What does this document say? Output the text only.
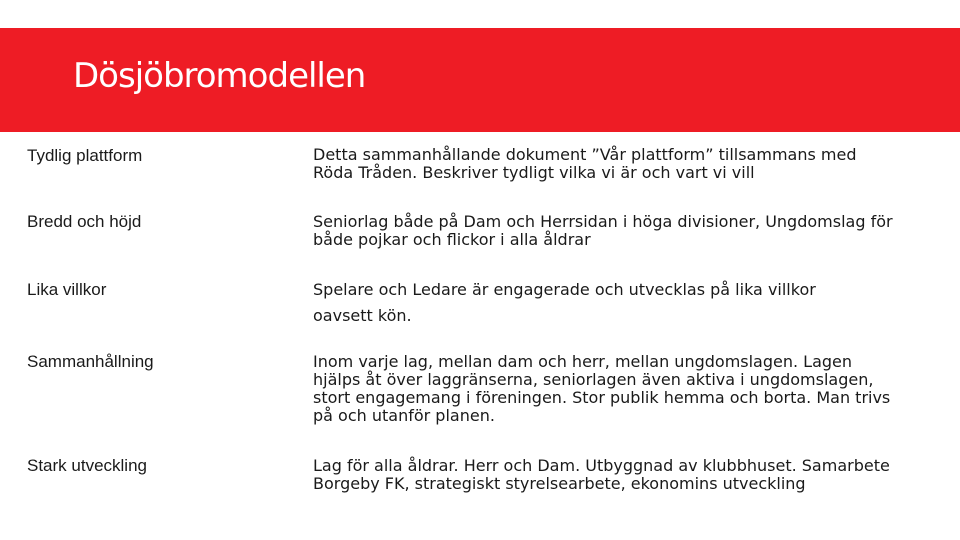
Dösjöbromodellen
Tydlig plattform	Detta sammanhållande dokument ”Vår plattform” tillsammans med
Röda Tråden. Beskriver tydligt vilka vi är och vart vi vill
Bredd och höjd	Seniorlag både på Dam och Herrsidan i höga divisioner, Ungdomslag för
både pojkar och flickor i alla åldrar
Lika villkor	Spelare och Ledare är engagerade och utvecklas på lika villkor
oavsett kön.
Sammanhållning	Inom varje lag, mellan dam och herr, mellan ungdomslagen. Lagen
hjälps åt över laggränserna, seniorlagen även aktiva i ungdomslagen,
stort engagemang i föreningen. Stor publik hemma och borta. Man trivs
på och utanför planen.
Stark utveckling	Lag för alla åldrar. Herr och Dam. Utbyggnad av klubbhuset. Samarbete
Borgeby FK, strategiskt styrelsearbete, ekonomins utveckling
